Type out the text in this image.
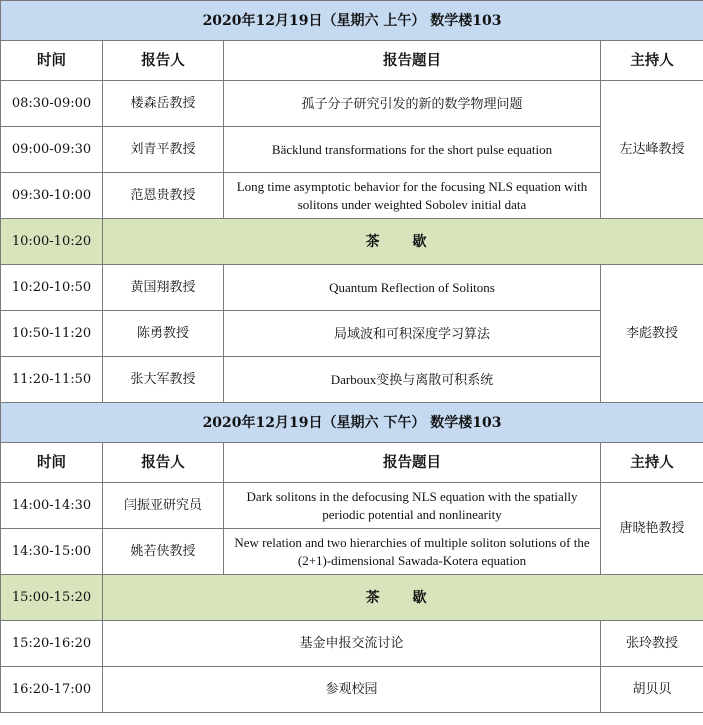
2020年12月19日（星期六 上午） 数学楼103			
时间	报告人	报告题目	主持人
08:30-09:00	楼森岳教授	孤子分子研究引发的新的数学物理问题	左达峰教授
09:00-09:30	刘青平教授	Bäcklund transformations for the short pulse equation	
09:30-10:00	范恩贵教授	Long time asymptotic behavior for the focusing NLS equation with solitons under weighted Sobolev initial data	
10:00-10:20	茶 歇		
10:20-10:50	黄国翔教授	Quantum Reflection of Solitons	李彪教授
10:50-11:20	陈勇教授	局域波和可积深度学习算法	
11:20-11:50	张大军教授	Darboux变换与离散可积系统	
2020年12月19日（星期六 下午） 数学楼103			
时间	报告人	报告题目	主持人
14:00-14:30	闫振亚研究员	Dark solitons in the defocusing NLS equation with the spatially periodic potential and nonlinearity	唐晓艳教授
14:30-15:00	姚若侠教授	New relation and two hierarchies of multiple soliton solutions of the (2+1)-dimensional Sawada-Kotera equation	
15:00-15:20	茶 歇		
15:20-16:20	基金申报交流讨论		张玲教授
16:20-17:00	参观校园		胡贝贝
